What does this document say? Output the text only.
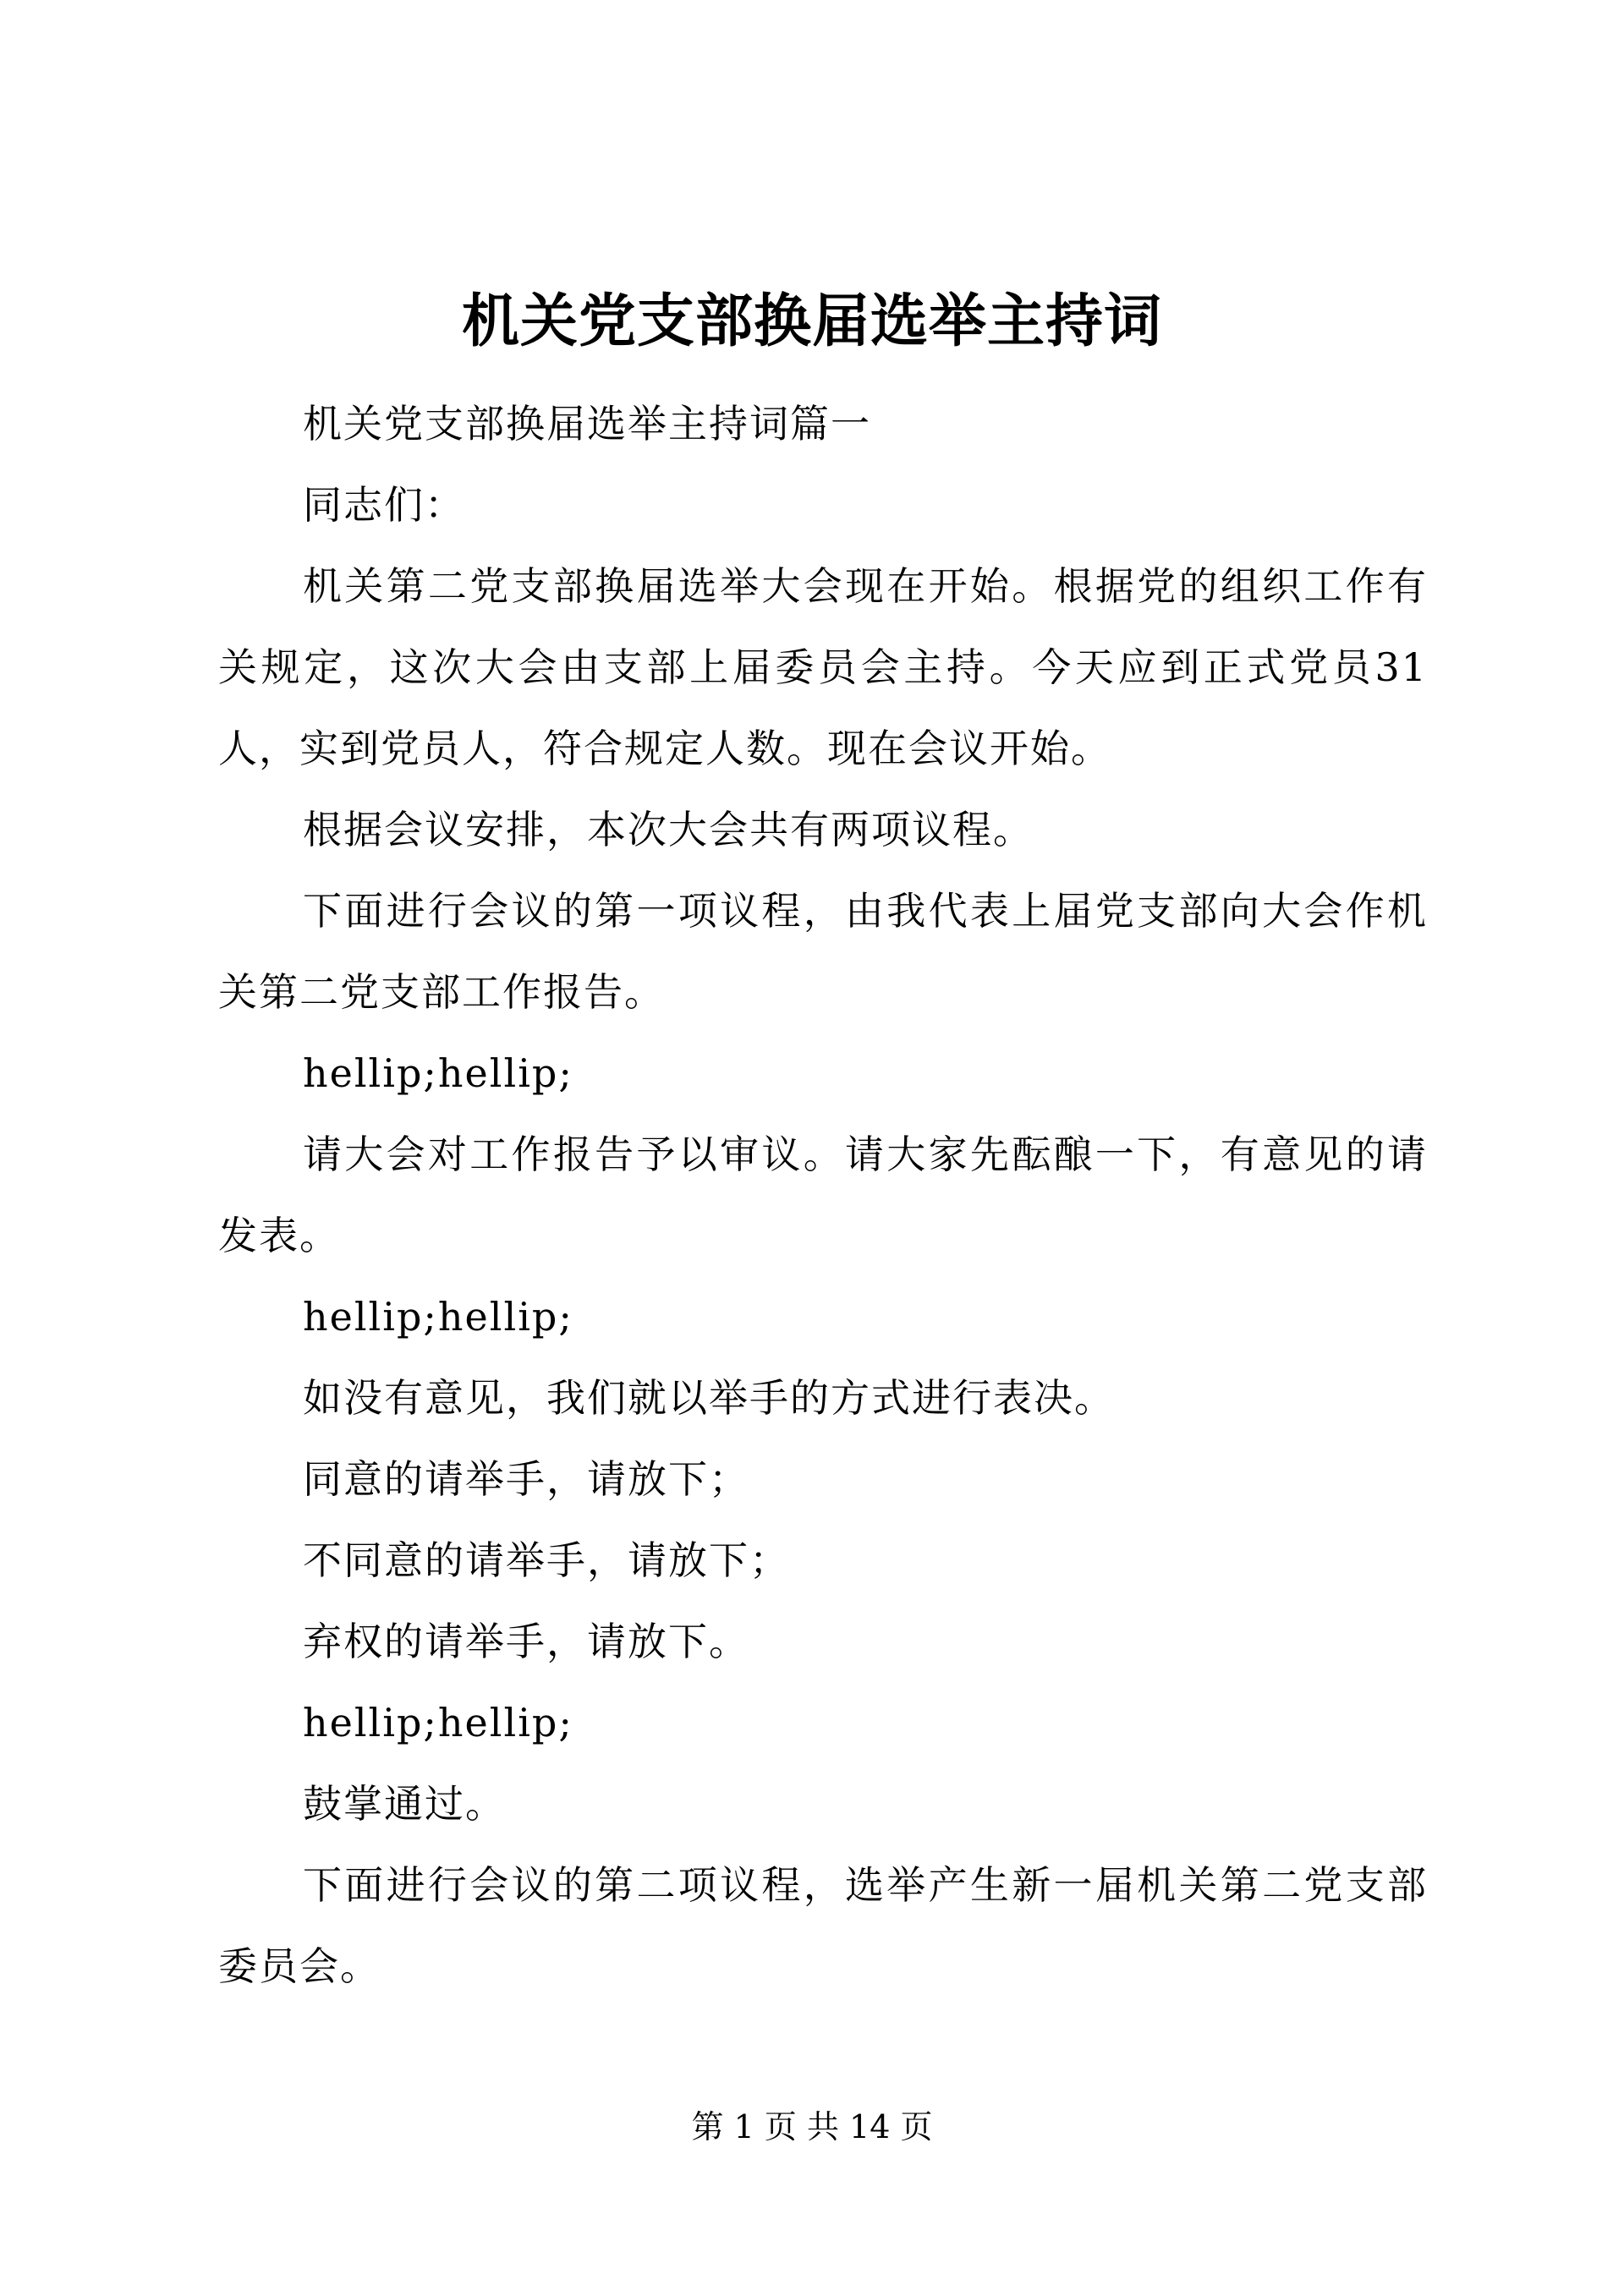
机关党支部换届选举主持词

机关党支部换届选举主持词篇一

同志们：

机关第二党支部换届选举大会现在开始。根据党的组织工作有关规定，这次大会由支部上届委员会主持。今天应到正式党员31人，实到党员人，符合规定人数。现在会议开始。

根据会议安排，本次大会共有两项议程。

下面进行会议的第一项议程，由我代表上届党支部向大会作机关第二党支部工作报告。

hellip;hellip;

请大会对工作报告予以审议。请大家先酝酿一下，有意见的请发表。

hellip;hellip;

如没有意见，我们就以举手的方式进行表决。

同意的请举手，请放下；

不同意的请举手，请放下；

弃权的请举手，请放下。

hellip;hellip;

鼓掌通过。

下面进行会议的第二项议程，选举产生新一届机关第二党支部委员会。

第 1 页 共 14 页
